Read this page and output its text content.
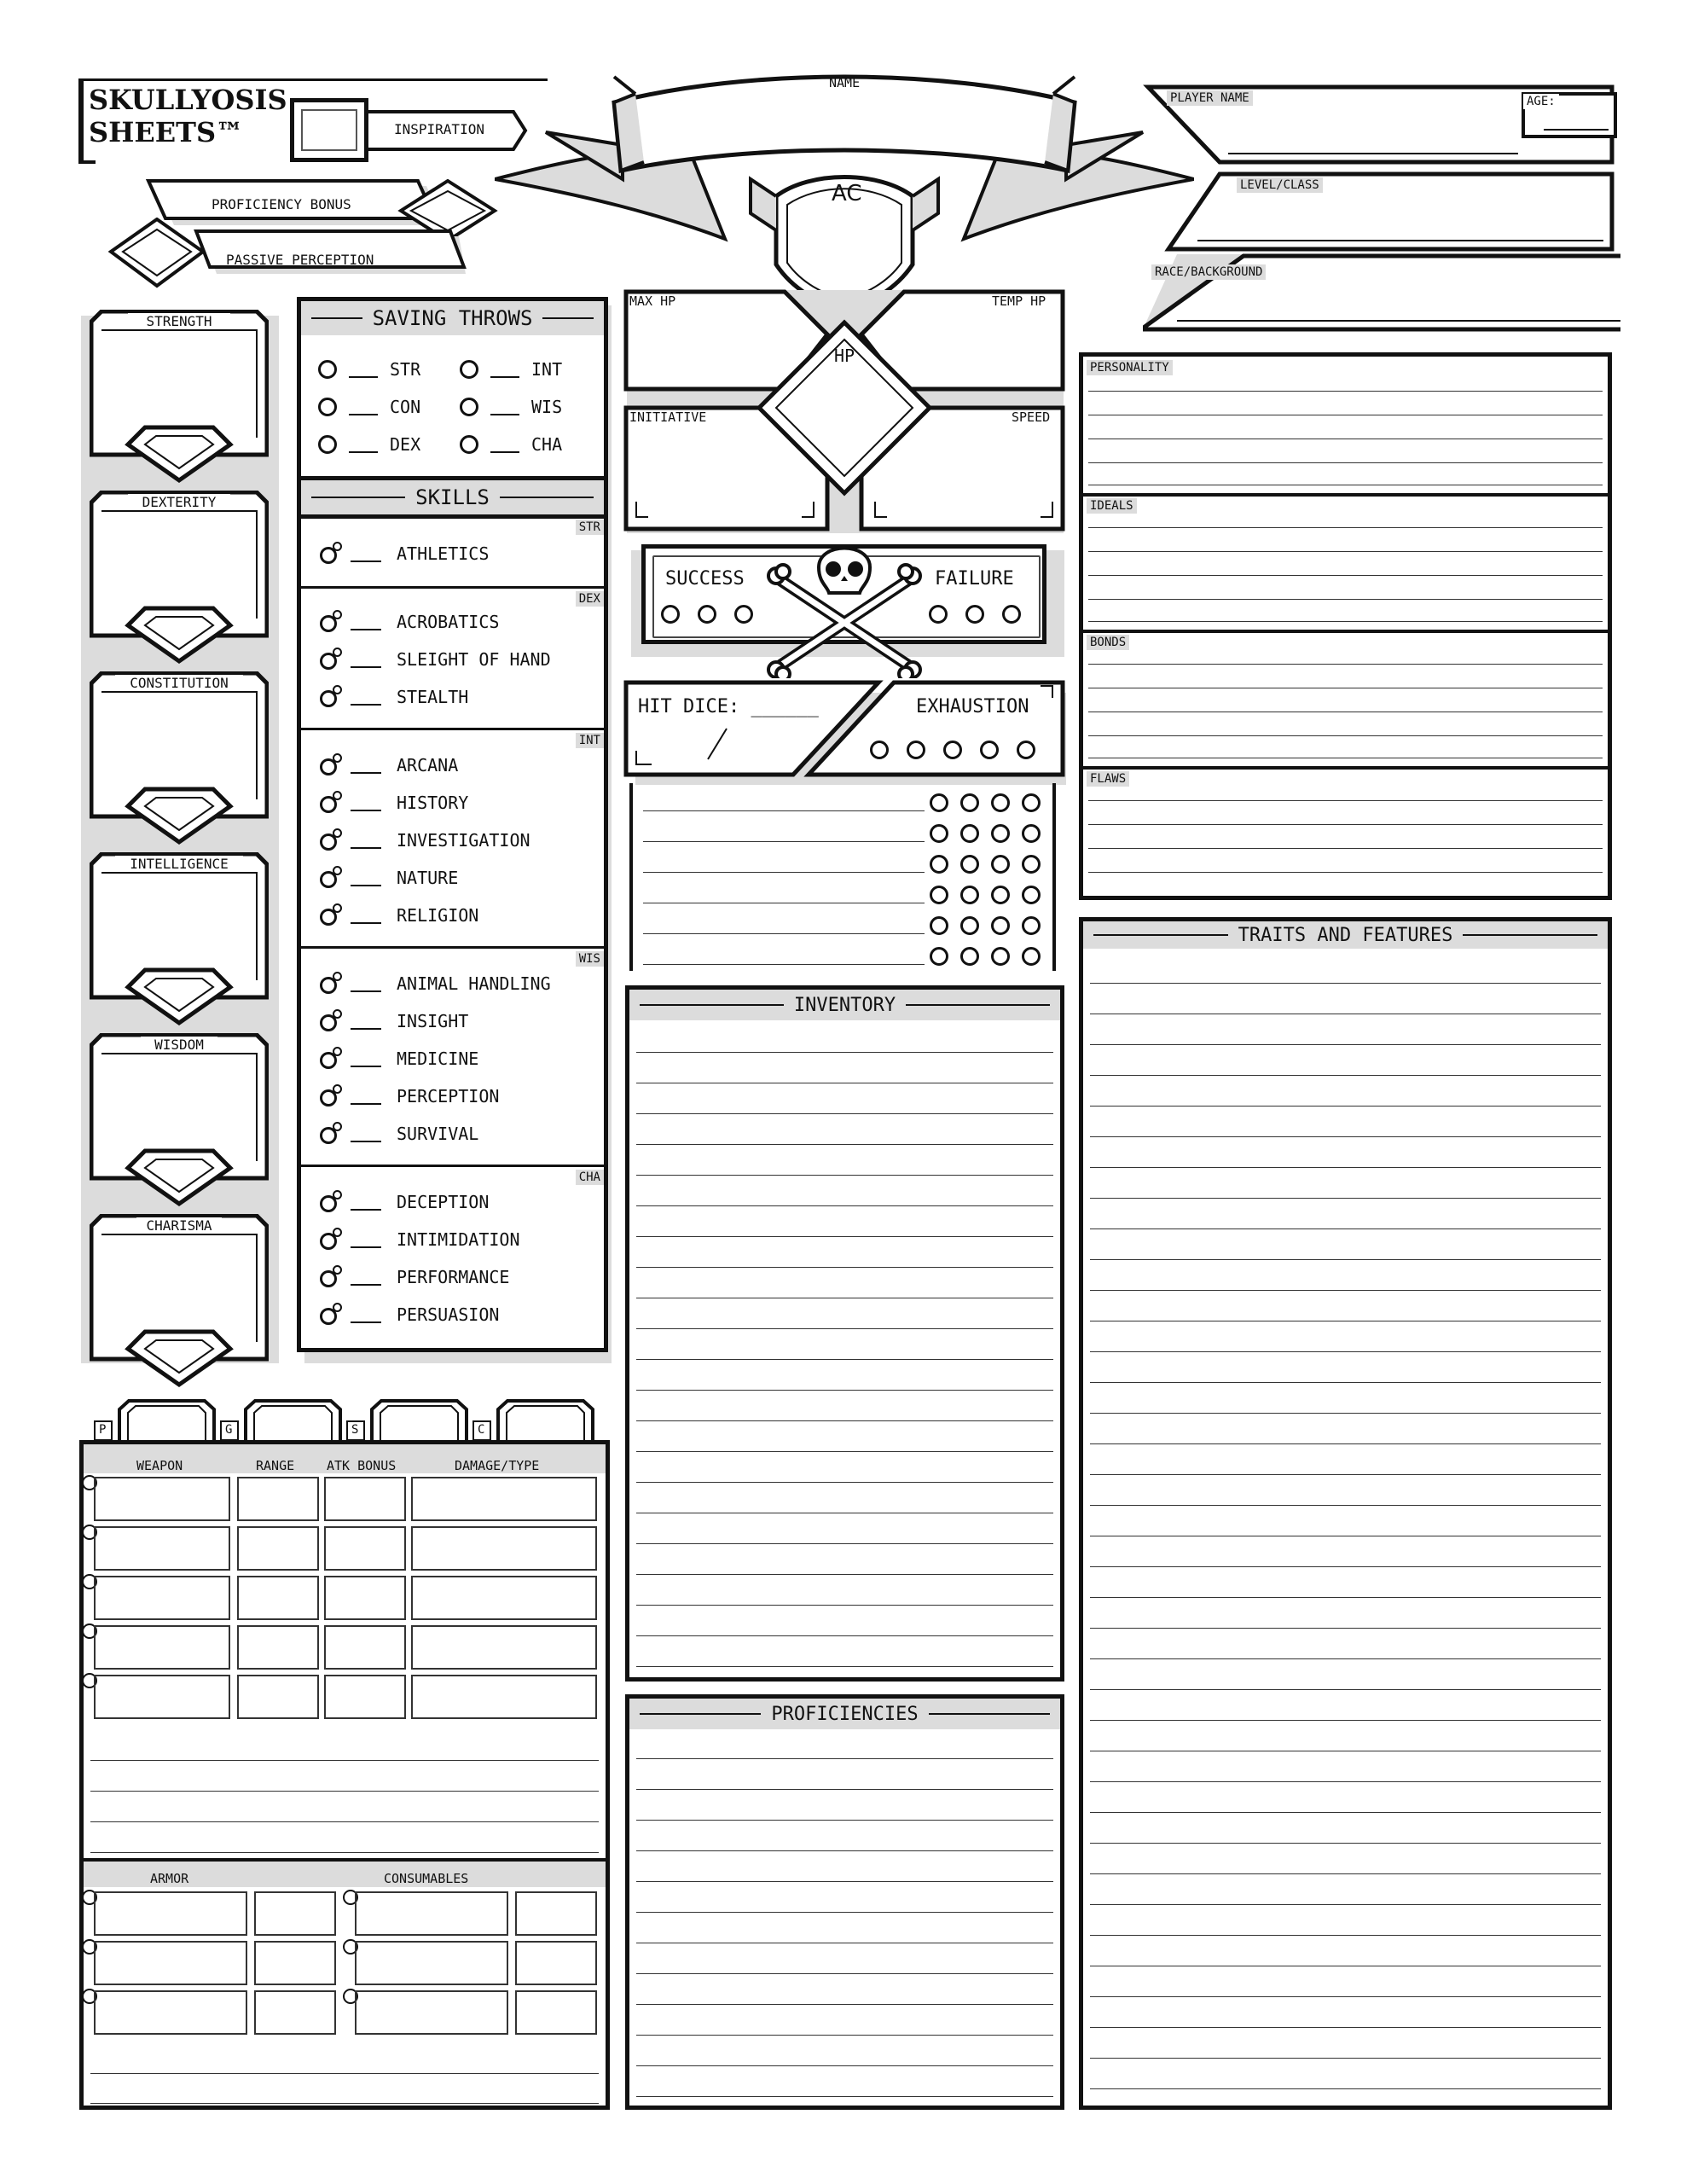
SKULLYOSIS
SHEETS™	INSPIRATION
PROFICIENCY BONUS
PASSIVE PERCEPTION
NAME
AC
PLAYER NAME	AGE:
LEVEL/CLASS
RACE/BACKGROUND
STRENGTH
DEXTERITY
CONSTITUTION
INTELLIGENCE
WISDOM
CHARISMA
SAVING THROWS
STR
CON
DEX
INT
WIS
CHA
SKILLS
STR
ATHLETICS
DEX
ACROBATICS
SLEIGHT OF HAND
STEALTH
INT
ARCANA
HISTORY
INVESTIGATION
NATURE
RELIGION
WIS
ANIMAL HANDLING
INSIGHT
MEDICINE
PERCEPTION
SURVIVAL
CHA
DECEPTION
INTIMIDATION
PERFORMANCE
PERSUASION
MAX HP	TEMP HP
HP
INITIATIVE	SPEED
SUCCESS	FAILURE
HIT DICE: ______	EXHAUSTION
INVENTORY
PROFICIENCIES
PERSONALITY
IDEALS
BONDS
FLAWS
TRAITS AND FEATURES
P	G	S	C
WEAPON	RANGE	ATK BONUS	DAMAGE/TYPE
ARMOR	CONSUMABLES
